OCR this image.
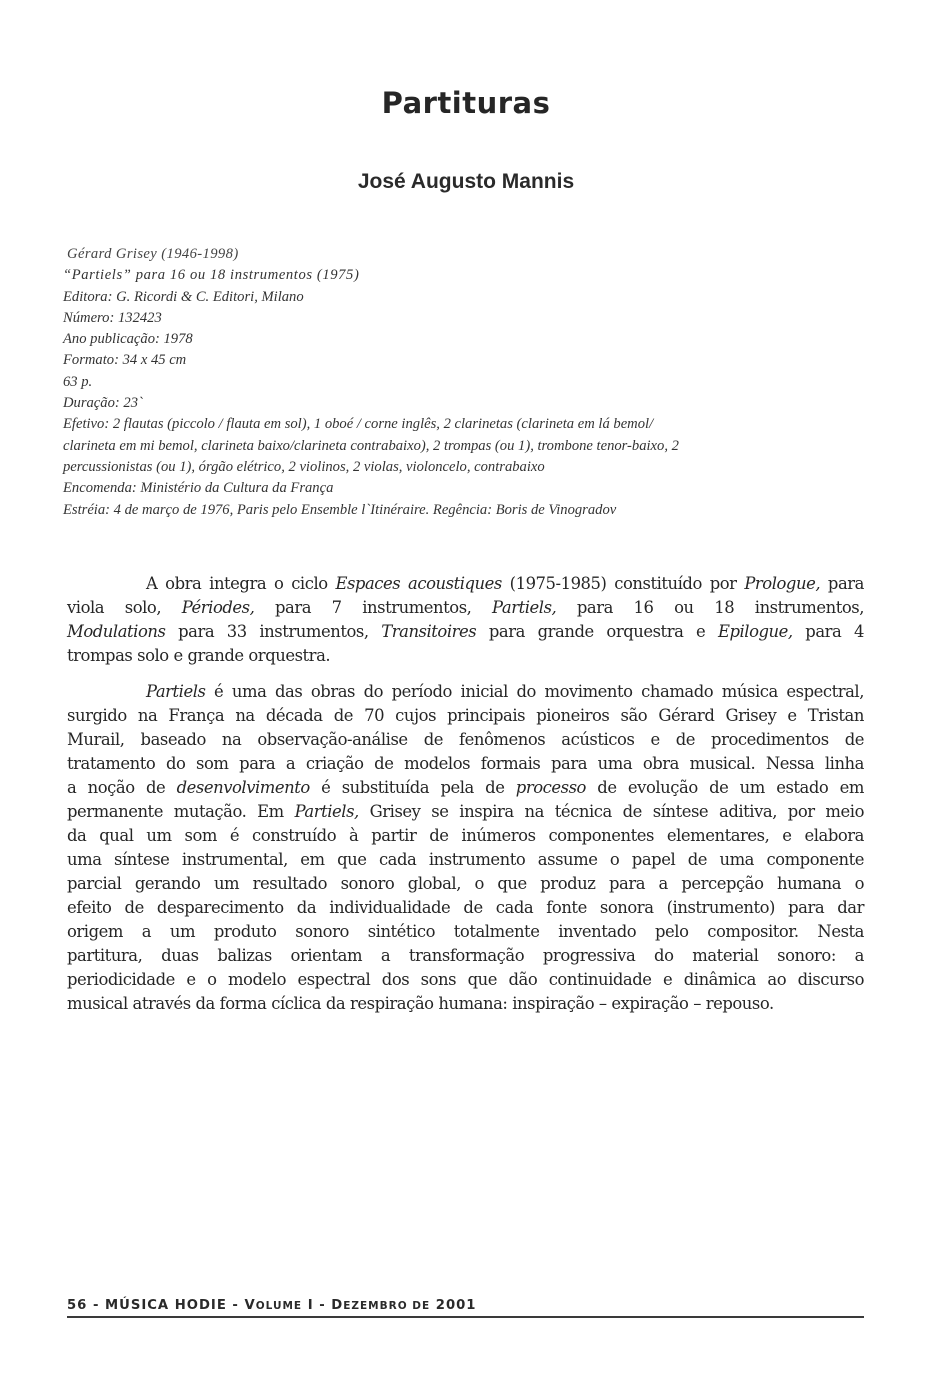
Partituras
José Augusto Mannis
Gérard Grisey (1946-1998)
“Partiels” para 16 ou 18 instrumentos (1975)
Editora: G. Ricordi & C. Editori, Milano
Número: 132423
Ano publicação: 1978
Formato: 34 x 45 cm
63 p.
Duração: 23`
Efetivo: 2 flautas (piccolo / flauta em sol), 1 oboé / corne inglês, 2 clarinetas (clarineta em lá bemol/
clarineta em mi bemol, clarineta baixo/clarineta contrabaixo), 2 trompas (ou 1), trombone tenor-baixo, 2
percussionistas (ou 1), órgão elétrico, 2 violinos, 2 violas, violoncelo, contrabaixo
Encomenda: Ministério da Cultura da França
Estréia: 4 de março de 1976, Paris pelo Ensemble l`Itinéraire. Regência: Boris de Vinogradov
A obra integra o ciclo Espaces acoustiques (1975-1985) constituído por Prologue, para
viola solo, Périodes, para 7 instrumentos, Partiels, para 16 ou 18 instrumentos,
Modulations para 33 instrumentos, Transitoires para grande orquestra e Epilogue, para 4
trompas solo e grande orquestra.
Partiels é uma das obras do período inicial do movimento chamado música espectral,
surgido na França na década de 70 cujos principais pioneiros são Gérard Grisey e Tristan
Murail, baseado na observação-análise de fenômenos acústicos e de procedimentos de
tratamento do som para a criação de modelos formais para uma obra musical. Nessa linha
a noção de desenvolvimento é substituída pela de processo de evolução de um estado em
permanente mutação. Em Partiels, Grisey se inspira na técnica de síntese aditiva, por meio
da qual um som é construído à partir de inúmeros componentes elementares, e elabora
uma síntese instrumental, em que cada instrumento assume o papel de uma componente
parcial gerando um resultado sonoro global, o que produz para a percepção humana o
efeito de desparecimento da individualidade de cada fonte sonora (instrumento) para dar
origem a um produto sonoro sintético totalmente inventado pelo compositor. Nesta
partitura, duas balizas orientam a transformação progressiva do material sonoro: a
periodicidade e o modelo espectral dos sons que dão continuidade e dinâmica ao discurso
musical através da forma cíclica da respiração humana: inspiração – expiração – repouso.
56 - MÚSICA HODIE - VOLUME I - DEZEMBRO DE 2001
